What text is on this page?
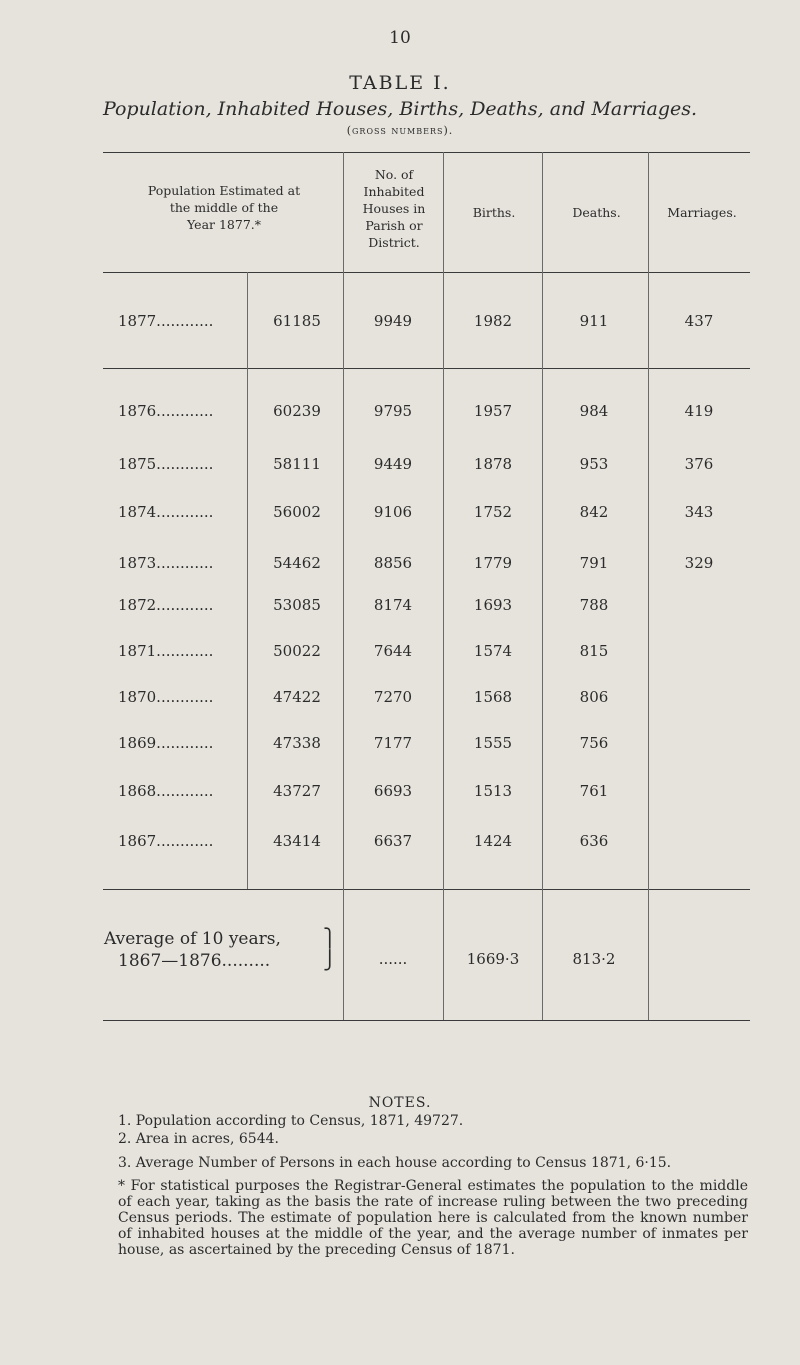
10
TABLE I.
Population, Inhabited Houses, Births, Deaths, and Marriages.
(gross numbers).
Population Estimated at
the middle of the
Year 1877.*
No. of
Inhabited
Houses in
Parish or
District.
Births.	Deaths.	Marriages.
1877............	61185	9949	1982	911	437
1876............	60239	9795	1957	984	419
1875............	58111	9449	1878	953	376
1874............	56002	9106	1752	842	343
1873............	54462	8856	1779	791	329
1872............	53085	8174	1693	788
1871............	50022	7644	1574	815
1870............	47422	7270	1568	806
1869............	47338	7177	1555	756
1868............	43727	6693	1513	761
1867............	43414	6637	1424	636
Average of 10 years,
1867—1876.........
⎫
⎭	......	1669·3	813·2
NOTES.
1. Population according to Census, 1871, 49727.
2. Area in acres, 6544.
3. Average Number of Persons in each house according to Census 1871, 6·15.
* For statistical purposes the Registrar-General estimates the population to the middle of each year, taking as the basis the rate of increase ruling between the two preceding Census periods. The estimate of population here is calculated from the known number of inhabited houses at the middle of the year, and the average number of inmates per house, as ascertained by the preceding Census of 1871.
